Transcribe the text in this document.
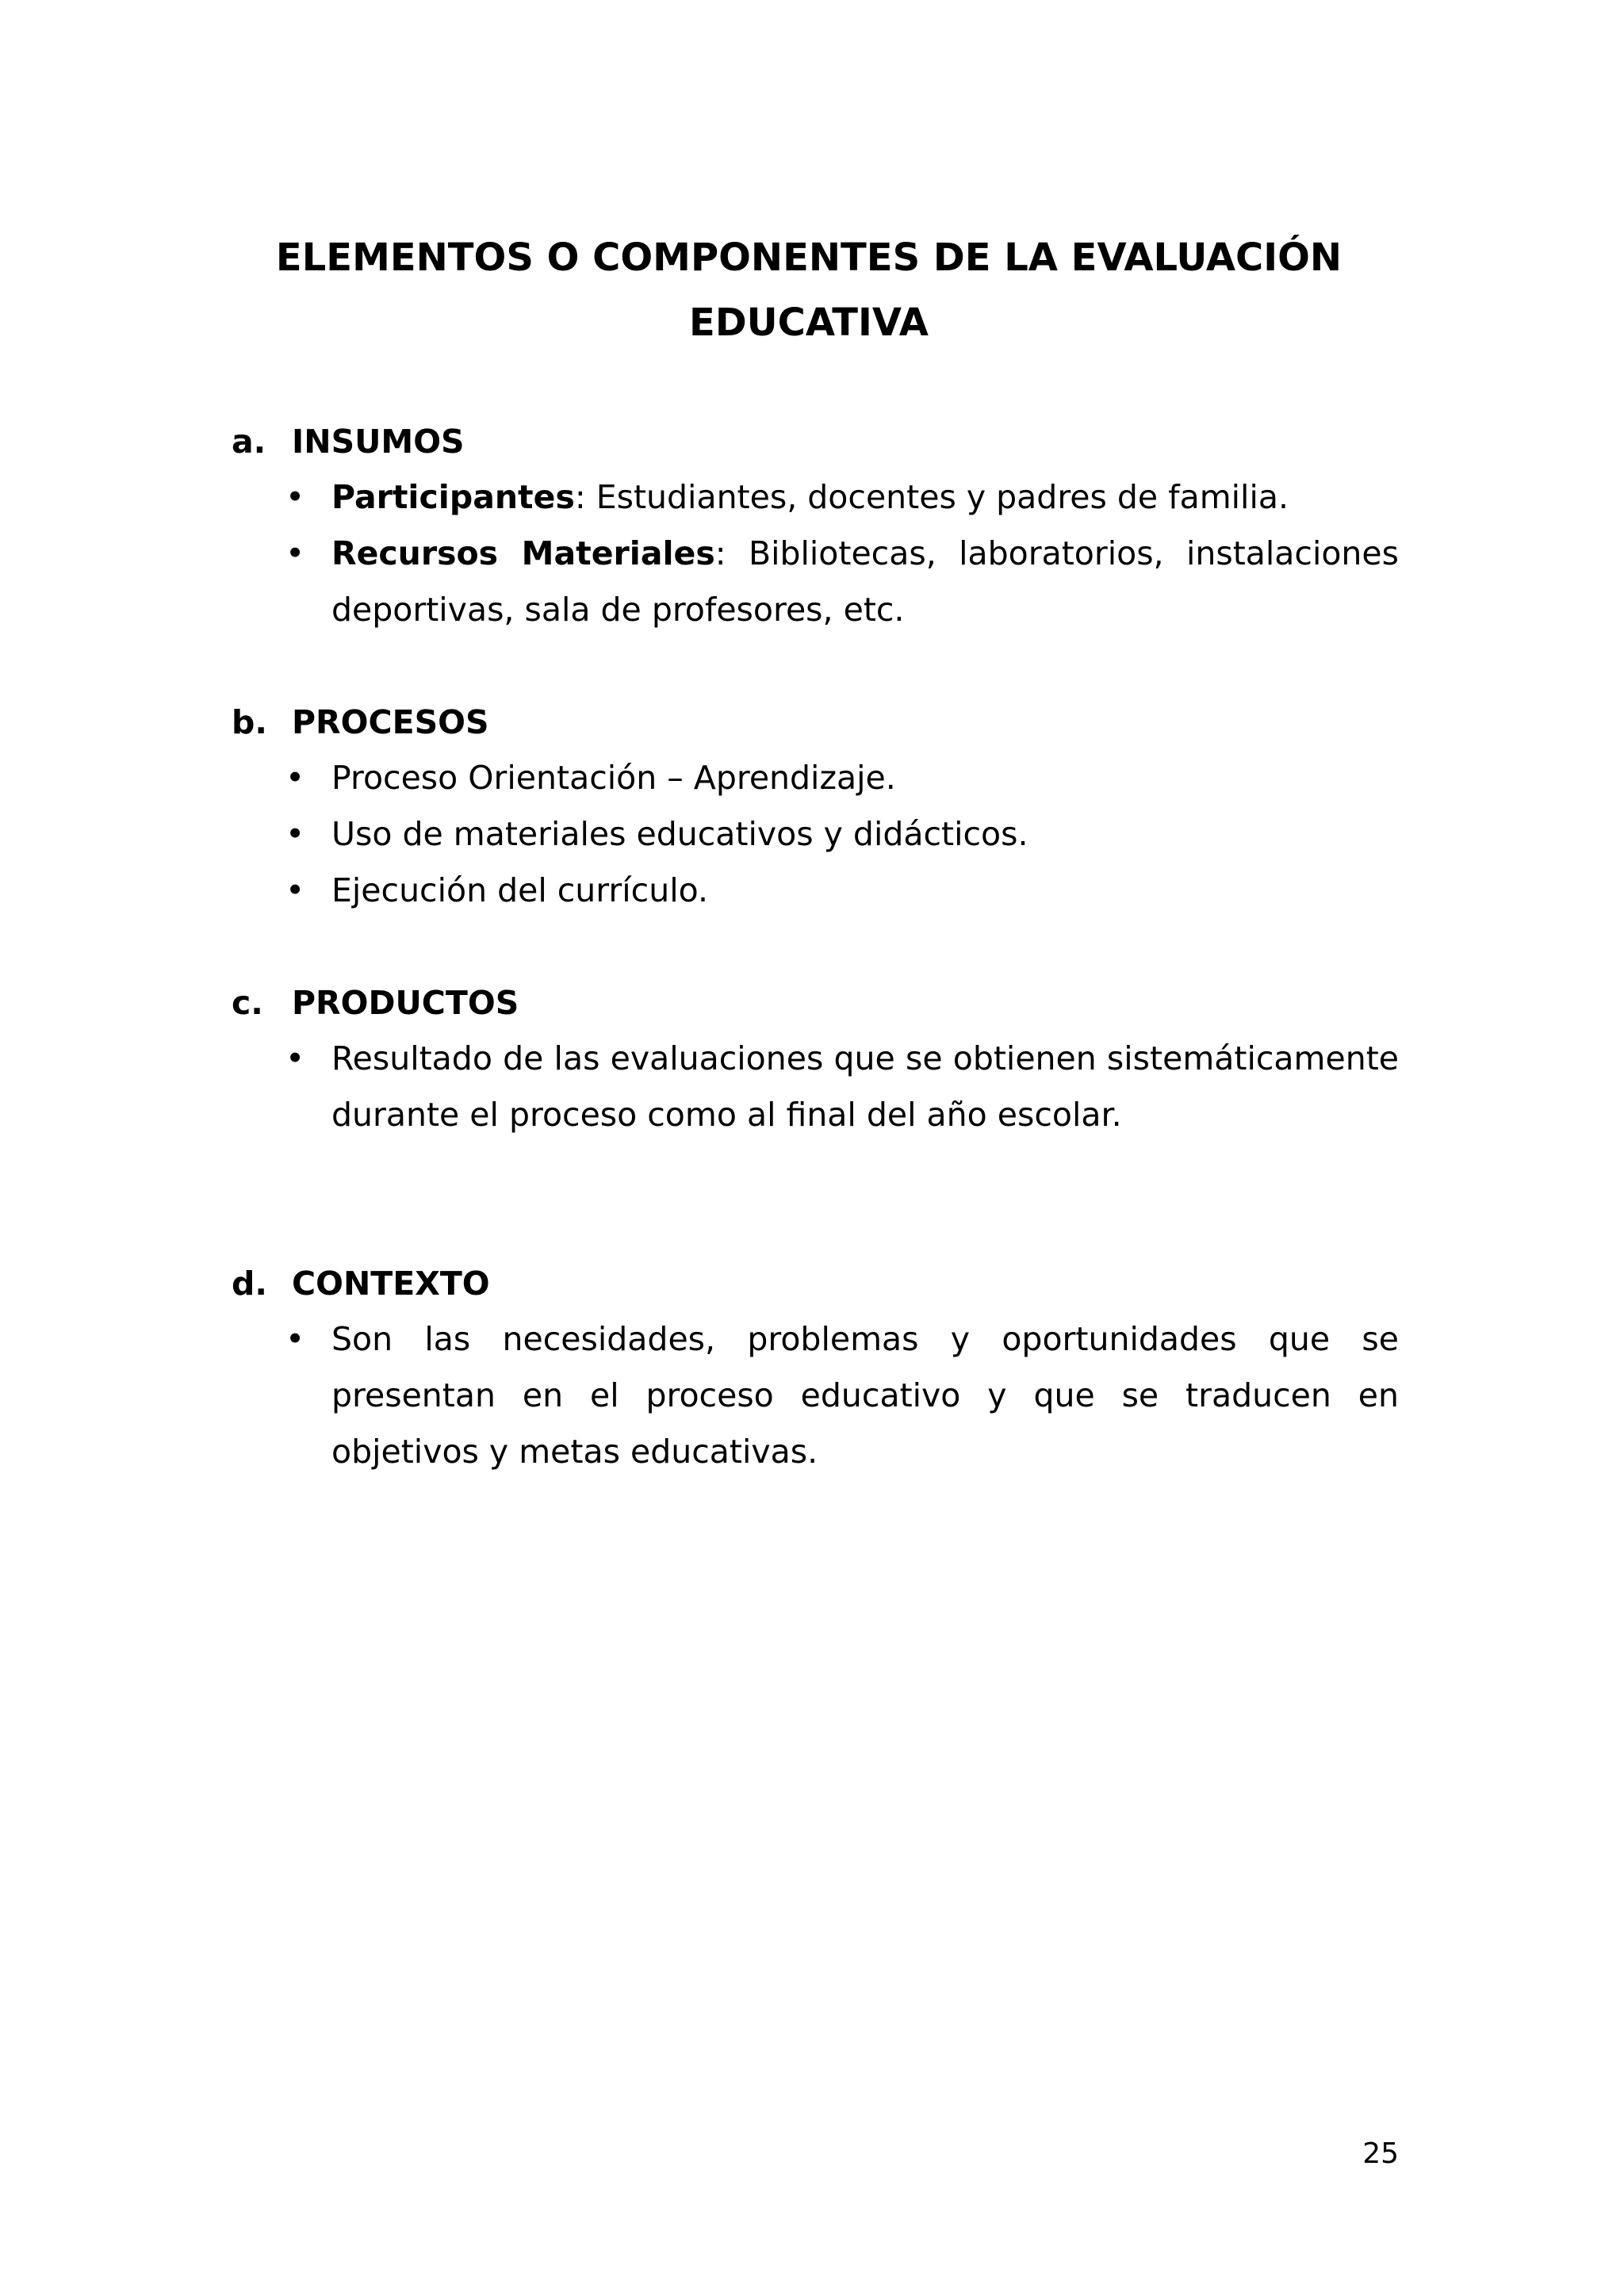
ELEMENTOS O COMPONENTES DE LA EVALUACIÓN
EDUCATIVA
a. INSUMOS
• Participantes: Estudiantes, docentes y padres de familia.
• Recursos Materiales: Bibliotecas, laboratorios, instalaciones deportivas, sala de profesores, etc.
b. PROCESOS
• Proceso Orientación – Aprendizaje.
• Uso de materiales educativos y didácticos.
• Ejecución del currículo.
c. PRODUCTOS
• Resultado de las evaluaciones que se obtienen sistemáticamente durante el proceso como al final del año escolar.
d. CONTEXTO
• Son las necesidades, problemas y oportunidades que se presentan en el proceso educativo y que se traducen en objetivos y metas educativas.
25
